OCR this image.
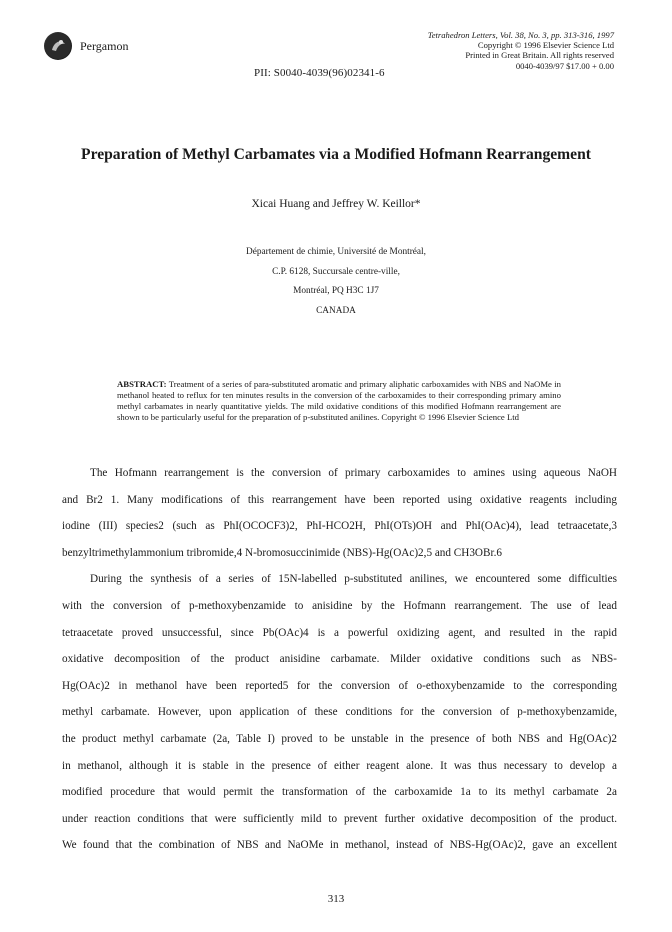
Pergamon
Tetrahedron Letters, Vol. 38, No. 3, pp. 313-316, 1997
Copyright © 1996 Elsevier Science Ltd
Printed in Great Britain. All rights reserved
0040-4039/97 $17.00 + 0.00
PII: S0040-4039(96)02341-6
Preparation of Methyl Carbamates via a Modified Hofmann Rearrangement
Xicai Huang and Jeffrey W. Keillor*
Département de chimie, Université de Montréal,
C.P. 6128, Succursale centre-ville,
Montréal, PQ H3C 1J7
CANADA
ABSTRACT: Treatment of a series of para-substituted aromatic and primary aliphatic carboxamides with NBS and NaOMe in methanol heated to reflux for ten minutes results in the conversion of the carboxamides to their corresponding primary amino methyl carbamates in nearly quantitative yields. The mild oxidative conditions of this modified Hofmann rearrangement are shown to be particularly useful for the preparation of p-substituted anilines. Copyright © 1996 Elsevier Science Ltd
The Hofmann rearrangement is the conversion of primary carboxamides to amines using aqueous NaOH
and Br2 1. Many modifications of this rearrangement have been reported using oxidative reagents including
iodine (III) species2 (such as PhI(OCOCF3)2, PhI-HCO2H, PhI(OTs)OH and PhI(OAc)4), lead tetraacetate,3
benzyltrimethylammonium tribromide,4 N-bromosuccinimide (NBS)-Hg(OAc)2,5 and CH3OBr.6
During the synthesis of a series of 15N-labelled p-substituted anilines, we encountered some difficulties
with the conversion of p-methoxybenzamide to anisidine by the Hofmann rearrangement. The use of lead
tetraacetate proved unsuccessful, since Pb(OAc)4 is a powerful oxidizing agent, and resulted in the rapid
oxidative decomposition of the product anisidine carbamate. Milder oxidative conditions such as NBS-
Hg(OAc)2 in methanol have been reported5 for the conversion of o-ethoxybenzamide to the corresponding
methyl carbamate. However, upon application of these conditions for the conversion of p-methoxybenzamide,
the product methyl carbamate (2a, Table I) proved to be unstable in the presence of both NBS and Hg(OAc)2
in methanol, although it is stable in the presence of either reagent alone. It was thus necessary to develop a
modified procedure that would permit the transformation of the carboxamide 1a to its methyl carbamate 2a
under reaction conditions that were sufficiently mild to prevent further oxidative decomposition of the product.
We found that the combination of NBS and NaOMe in methanol, instead of NBS-Hg(OAc)2, gave an excellent
313
